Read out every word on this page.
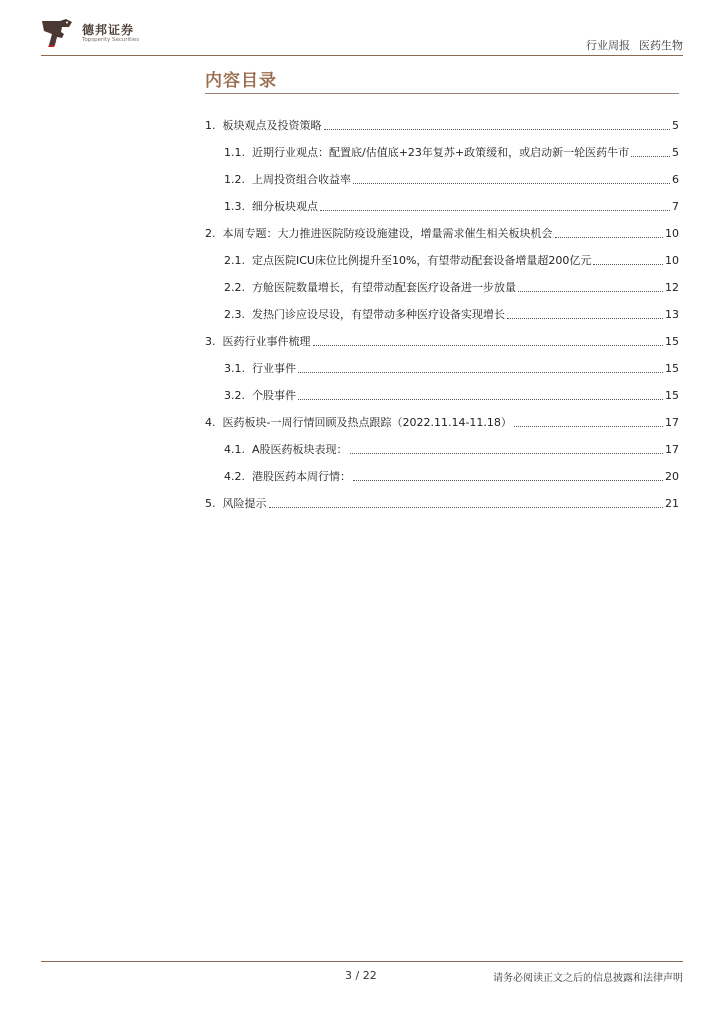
德邦证券
Topsperity Securities	行业周报 医药生物
内容目录
1. 板块观点及投资策略	5
1.1. 近期行业观点：配置底/估值底+23年复苏+政策缓和，或启动新一轮医药牛市	5
1.2. 上周投资组合收益率	6
1.3. 细分板块观点	7
2. 本周专题：大力推进医院防疫设施建设，增量需求催生相关板块机会	10
2.1. 定点医院ICU床位比例提升至10%，有望带动配套设备增量超200亿元	10
2.2. 方舱医院数量增长，有望带动配套医疗设备进一步放量	12
2.3. 发热门诊应设尽设，有望带动多种医疗设备实现增长	13
3. 医药行业事件梳理	15
3.1. 行业事件	15
3.2. 个股事件	15
4. 医药板块-一周行情回顾及热点跟踪（2022.11.14-11.18）	17
4.1. A股医药板块表现：	17
4.2. 港股医药本周行情：	20
5. 风险提示	21
3 / 22	请务必阅读正文之后的信息披露和法律声明
